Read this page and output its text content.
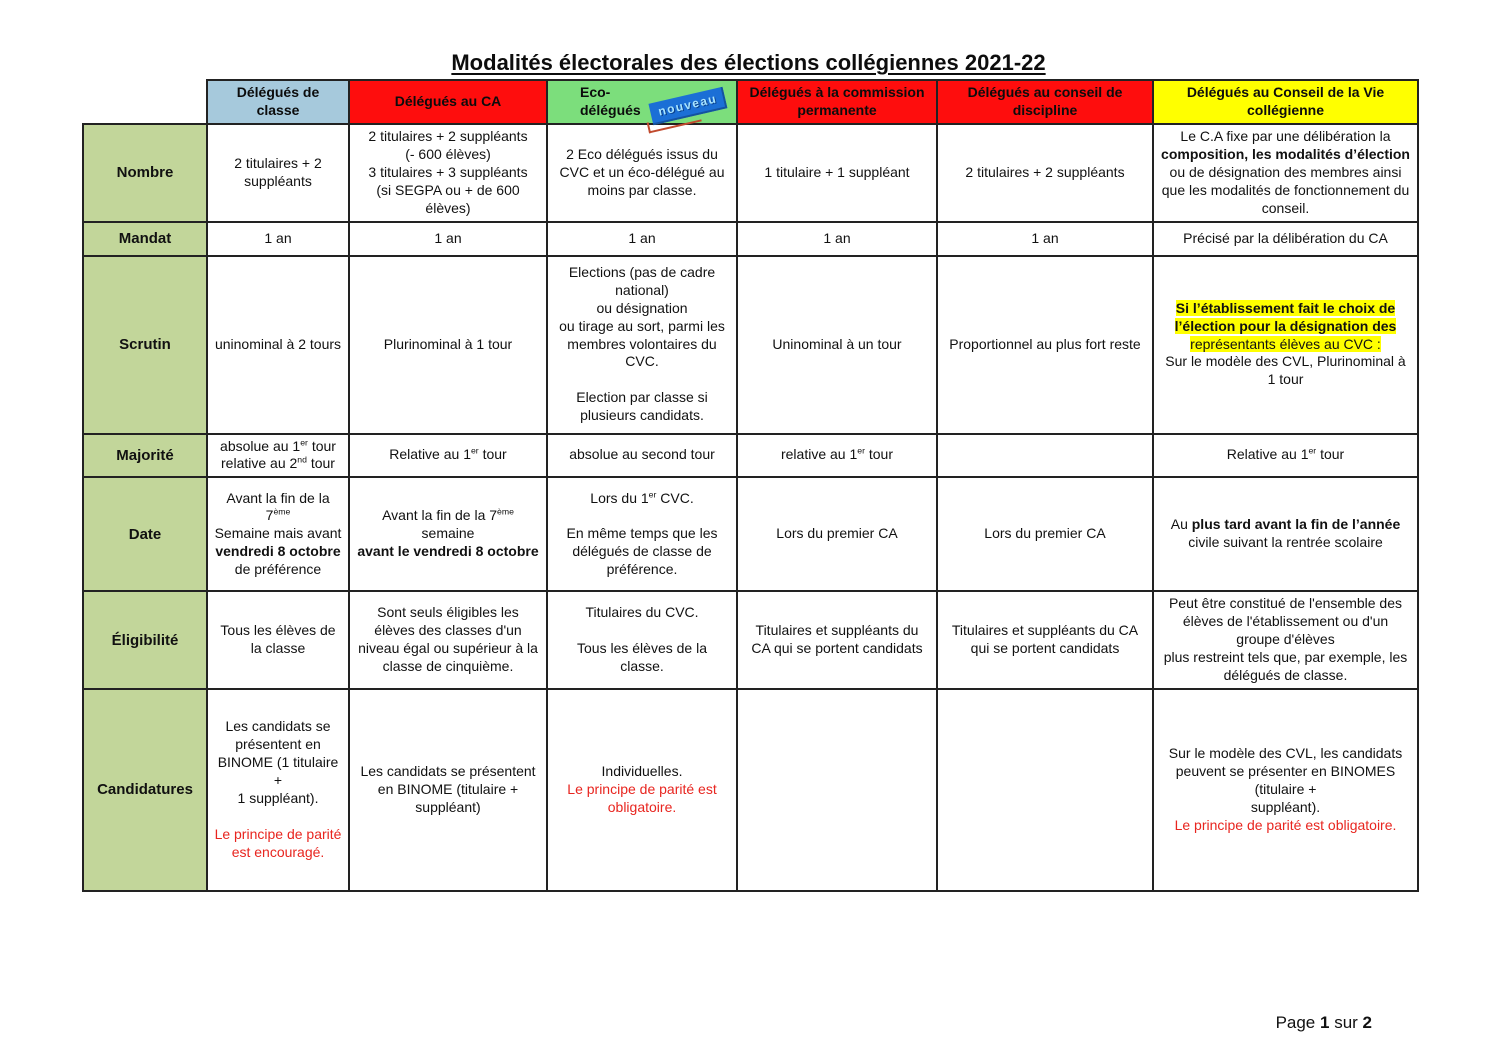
Modalités électorales des élections collégiennes 2021-22
	Délégués de
classe	Délégués au CA	Eco-
délégués nouveau	Délégués à la commission permanente	Délégués au conseil de discipline	Délégués au Conseil de la Vie collégienne
Nombre	2 titulaires + 2 suppléants	2 titulaires + 2 suppléants
(- 600 élèves)
3 titulaires + 3 suppléants
(si SEGPA ou + de 600 élèves)	2 Eco délégués issus du CVC et un éco-délégué au moins par classe.	1 titulaire + 1 suppléant	2 titulaires + 2 suppléants	Le C.A fixe par une délibération la composition, les modalités d’élection ou de désignation des membres ainsi que les modalités de fonctionnement du conseil.
Mandat	1 an	1 an	1 an	1 an	1 an	Précisé par la délibération du CA
Scrutin	uninominal à 2 tours	Plurinominal à 1 tour	Elections (pas de cadre national)
ou désignation
ou tirage au sort, parmi les membres volontaires du CVC.

Election par classe si plusieurs candidats.	Uninominal à un tour	Proportionnel au plus fort reste	Si l’établissement fait le choix de l’élection pour la désignation des représentants élèves au CVC :
Sur le modèle des CVL, Plurinominal à 1 tour
Majorité	absolue au 1er tour
relative au 2nd tour	Relative au 1er tour	absolue au second tour	relative au 1er tour		Relative au 1er tour
Date	Avant la fin de la 7ème
Semaine mais avant
vendredi 8 octobre de préférence	Avant la fin de la 7ème semaine
avant le vendredi 8 octobre	Lors du 1er CVC.

En même temps que les délégués de classe de préférence.	Lors du premier CA	Lors du premier CA	Au plus tard avant la fin de l’année civile suivant la rentrée scolaire
Éligibilité	Tous les élèves de la classe	Sont seuls éligibles les élèves des classes d'un niveau égal ou supérieur à la classe de cinquième.	Titulaires du CVC.

Tous les élèves de la classe.	Titulaires et suppléants du CA qui se portent candidats	Titulaires et suppléants du CA qui se portent candidats	Peut être constitué de l'ensemble des élèves de l'établissement ou d'un groupe d'élèves
plus restreint tels que, par exemple, les délégués de classe.
Candidatures	Les candidats se présentent en BINOME (1 titulaire +
1 suppléant).

Le principe de parité est encouragé.	Les candidats se présentent en BINOME (titulaire + suppléant)	Individuelles.
Le principe de parité est obligatoire.			Sur le modèle des CVL, les candidats peuvent se présenter en BINOMES (titulaire +
suppléant).
Le principe de parité est obligatoire.
Page 1 sur 2
